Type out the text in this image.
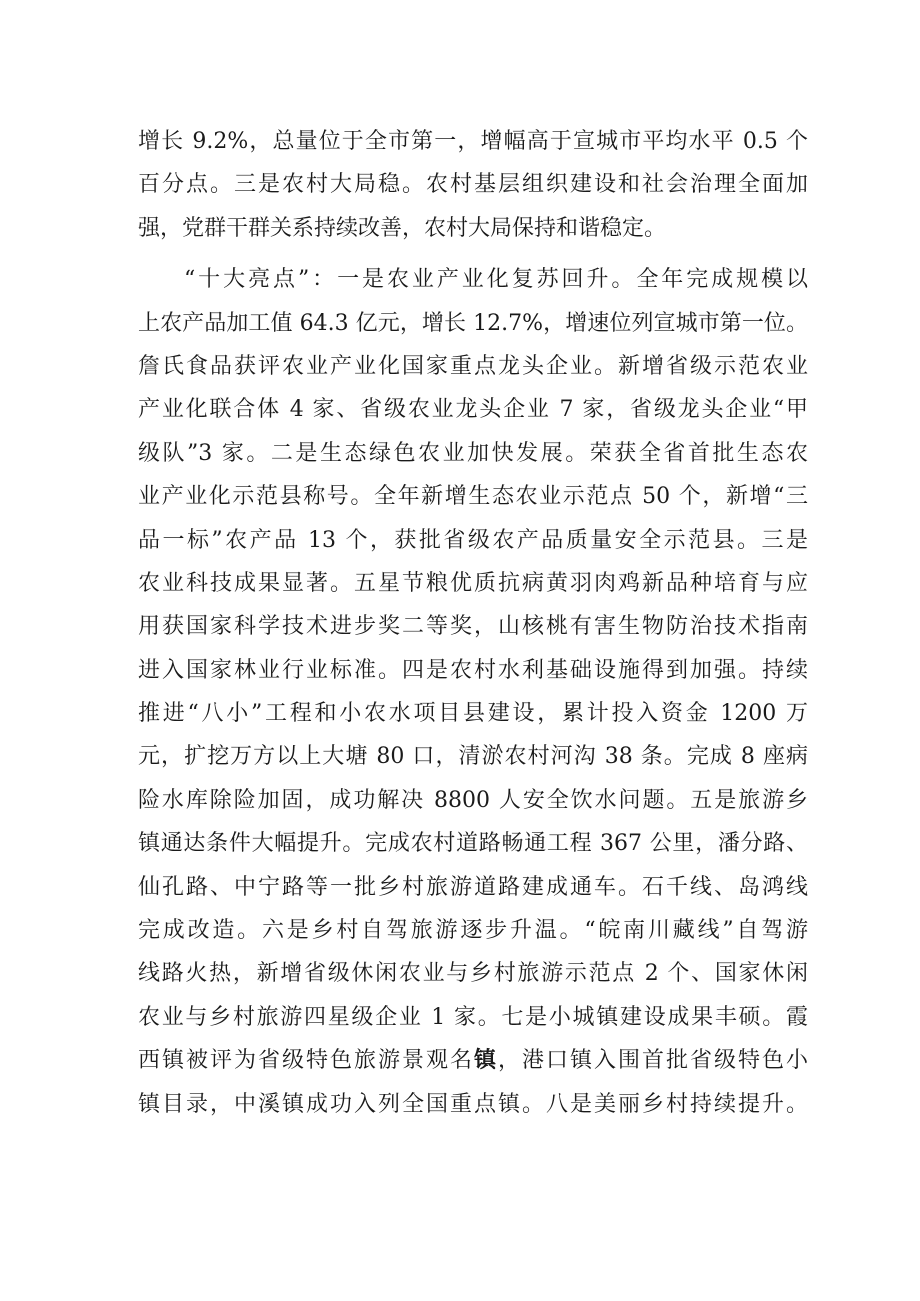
增长 9.2%，总量位于全市第一，增幅高于宣城市平均水平 0.5 个
百分点。三是农村大局稳。农村基层组织建设和社会治理全面加
强，党群干群关系持续改善，农村大局保持和谐稳定。
“十大亮点”：一是农业产业化复苏回升。全年完成规模以
上农产品加工值 64.3 亿元，增长 12.7%，增速位列宣城市第一位。
詹氏食品获评农业产业化国家重点龙头企业。新增省级示范农业
产业化联合体 4 家、省级农业龙头企业 7 家，省级龙头企业“甲
级队”3 家。二是生态绿色农业加快发展。荣获全省首批生态农
业产业化示范县称号。全年新增生态农业示范点 50 个，新增“三
品一标”农产品 13 个，获批省级农产品质量安全示范县。三是
农业科技成果显著。五星节粮优质抗病黄羽肉鸡新品种培育与应
用获国家科学技术进步奖二等奖，山核桃有害生物防治技术指南
进入国家林业行业标准。四是农村水利基础设施得到加强。持续
推进“八小”工程和小农水项目县建设，累计投入资金 1200 万
元，扩挖万方以上大塘 80 口，清淤农村河沟 38 条。完成 8 座病
险水库除险加固，成功解决 8800 人安全饮水问题。五是旅游乡
镇通达条件大幅提升。完成农村道路畅通工程 367 公里，潘分路、
仙孔路、中宁路等一批乡村旅游道路建成通车。石千线、岛鸿线
完成改造。六是乡村自驾旅游逐步升温。“皖南川藏线”自驾游
线路火热，新增省级休闲农业与乡村旅游示范点 2 个、国家休闲
农业与乡村旅游四星级企业 1 家。七是小城镇建设成果丰硕。霞
西镇被评为省级特色旅游景观名镇，港口镇入围首批省级特色小
镇目录，中溪镇成功入列全国重点镇。八是美丽乡村持续提升。
